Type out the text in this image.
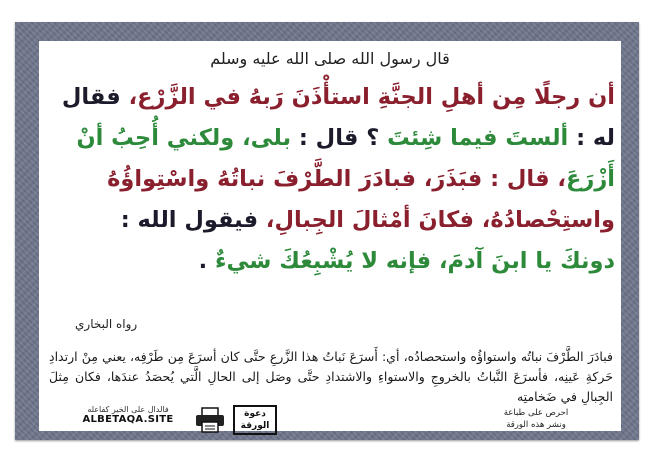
قال رسول الله صلى الله عليه وسلم
أن رجلًا مِن أهلِ الجنَّةِ استأْذَنَ رَبهُ في الزَّرْع، فقال
له : ألستَ فيما شِئتَ ؟ قال : بلى، ولكني أُحِبُ أنْ
أَزْرَعَ، قال : فبَذَرَ، فبادَرَ الطَّرْفَ نباتُهُ واسْتِواؤُهُ
واستِحْصادُهُ، فكانَ أمْثالَ الجِبالِ، فيقول الله :
دونكَ يا ابنَ آدمَ، فإنه لا يُشْبِعُكَ شيءٌ .
رواه البخاري
فبادَرَ الطَّرْفَ نباتُه واستواؤُه واستحصادُه، أي: أَسرَعَ نَباتُ هذا الزَّرعِ حتَّى كان أسرَعَ مِن طَرْفِه، يعني مِنْ ارتدادِ حَركةِ عَينِه، فأسرَعَ النَّباتُ بالخروجِ والاستواءِ والاشتدادِ حتَّى وصَل إلى الحالِ الَّتي يُحصَدُ عندَها، فكان مِثلَ الجِبالِ في ضَخامتِه
فالدال على الخير كفاعله
ALBETAQA.SITE	دعوة الورقة
احرص على طباعة
ونشر هذه الورقة
